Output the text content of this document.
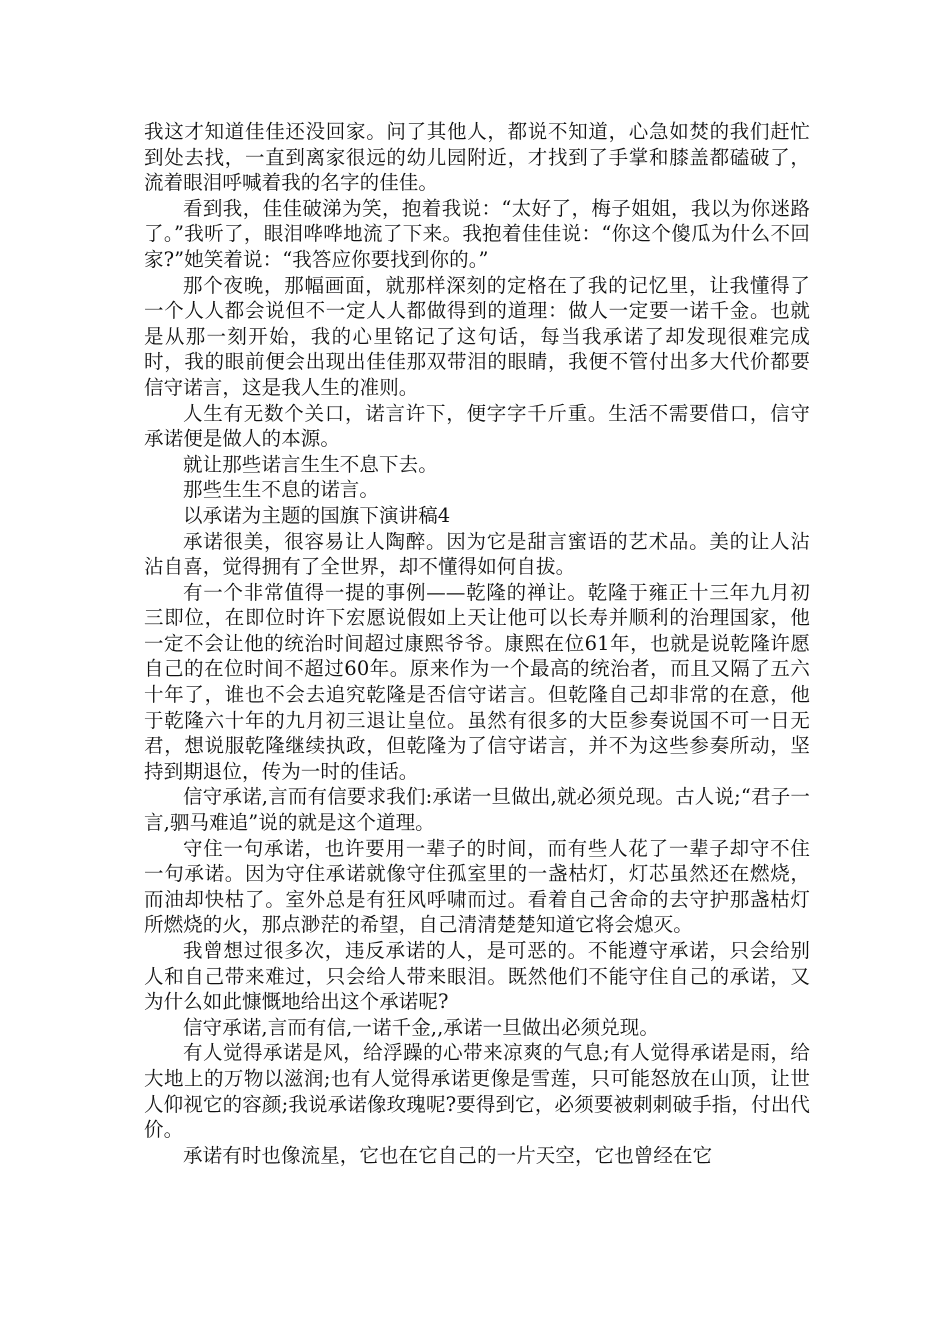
我这才知道佳佳还没回家。问了其他人，都说不知道，心急如焚的我们赶忙到处去找，一直到离家很远的幼儿园附近，才找到了手掌和膝盖都磕破了，流着眼泪呼喊着我的名字的佳佳。

看到我，佳佳破涕为笑，抱着我说：“太好了，梅子姐姐，我以为你迷路了。”我听了，眼泪哗哗地流了下来。我抱着佳佳说：“你这个傻瓜为什么不回家?”她笑着说：“我答应你要找到你的。”

那个夜晚，那幅画面，就那样深刻的定格在了我的记忆里，让我懂得了一个人人都会说但不一定人人都做得到的道理：做人一定要一诺千金。也就是从那一刻开始，我的心里铭记了这句话，每当我承诺了却发现很难完成时，我的眼前便会出现出佳佳那双带泪的眼睛，我便不管付出多大代价都要信守诺言，这是我人生的准则。

人生有无数个关口，诺言许下，便字字千斤重。生活不需要借口，信守承诺便是做人的本源。

就让那些诺言生生不息下去。

那些生生不息的诺言。

以承诺为主题的国旗下演讲稿4

承诺很美，很容易让人陶醉。因为它是甜言蜜语的艺术品。美的让人沾沾自喜，觉得拥有了全世界，却不懂得如何自拔。

有一个非常值得一提的事例——乾隆的禅让。乾隆于雍正十三年九月初三即位，在即位时许下宏愿说假如上天让他可以长寿并顺利的治理国家，他一定不会让他的统治时间超过康熙爷爷。康熙在位61年，也就是说乾隆许愿自己的在位时间不超过60年。原来作为一个最高的统治者，而且又隔了五六十年了，谁也不会去追究乾隆是否信守诺言。但乾隆自己却非常的在意，他于乾隆六十年的九月初三退让皇位。虽然有很多的大臣参奏说国不可一日无君，想说服乾隆继续执政，但乾隆为了信守诺言，并不为这些参奏所动，坚持到期退位，传为一时的佳话。

信守承诺,言而有信要求我们:承诺一旦做出,就必须兑现。古人说;“君子一言,驷马难追”说的就是这个道理。

守住一句承诺，也许要用一辈子的时间，而有些人花了一辈子却守不住一句承诺。因为守住承诺就像守住孤室里的一盏枯灯，灯芯虽然还在燃烧，而油却快枯了。室外总是有狂风呼啸而过。看着自己舍命的去守护那盏枯灯所燃烧的火，那点渺茫的希望，自己清清楚楚知道它将会熄灭。

我曾想过很多次，违反承诺的人，是可恶的。不能遵守承诺，只会给别人和自己带来难过，只会给人带来眼泪。既然他们不能守住自己的承诺，又为什么如此慷慨地给出这个承诺呢?

信守承诺,言而有信,一诺千金,,承诺一旦做出必须兑现。

有人觉得承诺是风，给浮躁的心带来凉爽的气息;有人觉得承诺是雨，给大地上的万物以滋润;也有人觉得承诺更像是雪莲，只可能怒放在山顶，让世人仰视它的容颜;我说承诺像玫瑰呢?要得到它，必须要被刺刺破手指，付出代价。

承诺有时也像流星，它也在它自己的一片天空，它也曾经在它
